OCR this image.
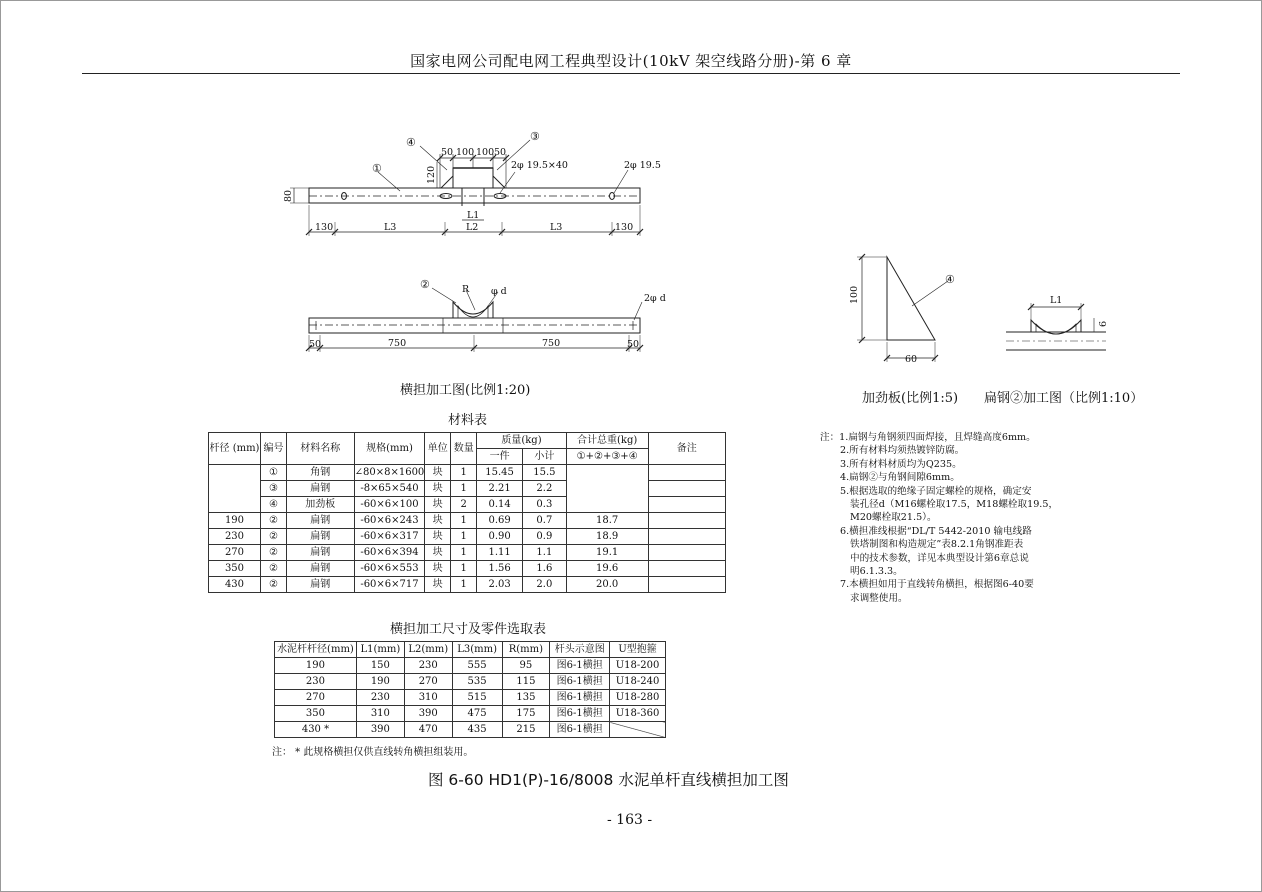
国家电网公司配电网工程典型设计(10kV 架空线路分册)-第 6 章
①
④	③
50 100 100 50
120
80
2φ 19.5×40	2φ 19.5
L1
130	L3	L2	L3	130
②	R φ d
2φ d
50	750	750	50
横担加工图(比例1:20)
④
100
60
L1
6
加劲板(比例1:5) 扁钢②加工图（比例1:10）
材料表
杆径 (mm)	编号	材料名称	规格(mm)	单位	数量	质量(kg)		合计总重(kg)	备注
						一件	小计	①+②+③+④	
	①	角钢	∠80×8×1600	块	1	15.45	15.5		
	③	扁钢	-8×65×540	块	1	2.21	2.2		
	④	加劲板	-60×6×100	块	2	0.14	0.3		
190	②	扁钢	-60×6×243	块	1	0.69	0.7	18.7	
230	②	扁钢	-60×6×317	块	1	0.90	0.9	18.9	
270	②	扁钢	-60×6×394	块	1	1.11	1.1	19.1	
350	②	扁钢	-60×6×553	块	1	1.56	1.6	19.6	
430	②	扁钢	-60×6×717	块	1	2.03	2.0	20.0	
注：1.扁钢与角钢须四面焊接，且焊缝高度6mm。
2.所有材料均须热镀锌防腐。
3.所有材料材质均为Q235。
4.扁钢②与角钢间隙6mm。
5.根据选取的绝缘子固定螺栓的规格，确定安
装孔径d（M16螺栓取17.5，M18螺栓取19.5，
M20螺栓取21.5）。
6.横担准线根据“DL/T 5442-2010 输电线路
铁塔制图和构造规定”表8.2.1角钢准距表
中的技术参数，详见本典型设计第6章总说
明6.1.3.3。
7.本横担如用于直线转角横担，根据图6-40要
求调整使用。
横担加工尺寸及零件选取表
水泥杆杆径(mm)	L1(mm)	L2(mm)	L3(mm)	R(mm)	杆头示意图	U型抱箍
190	150	230	555	95	图6-1横担	U18-200
230	190	270	535	115	图6-1横担	U18-240
270	230	310	515	135	图6-1横担	U18-280
350	310	390	475	175	图6-1横担	U18-360
430 *	390	470	435	215	图6-1横担	
注： * 此规格横担仅供直线转角横担组装用。
图 6-60 HD1(P)-16/8008 水泥单杆直线横担加工图
- 163 -
